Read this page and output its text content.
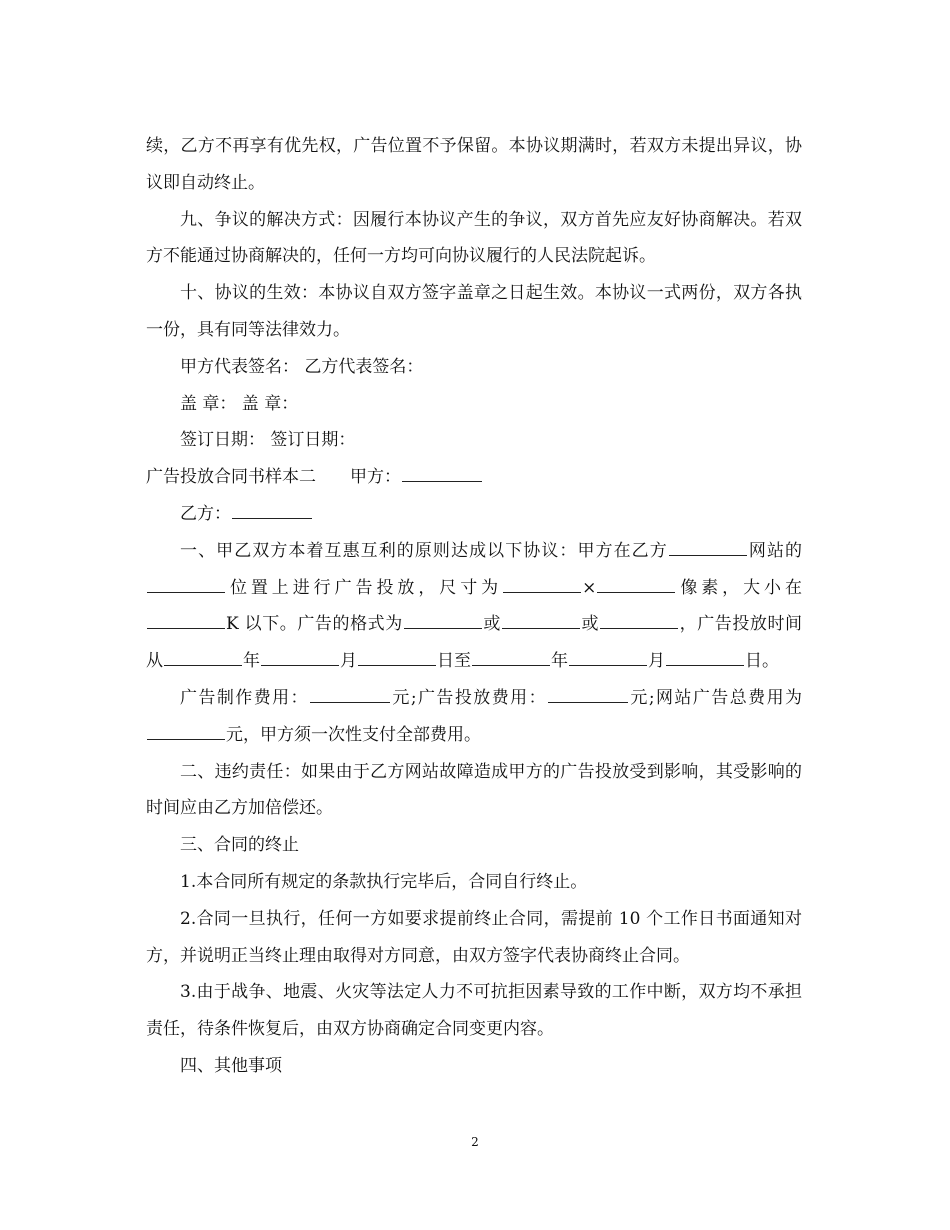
续，乙方不再享有优先权，广告位置不予保留。本协议期满时，若双方未提出异议，协议即自动终止。

九、争议的解决方式：因履行本协议产生的争议，双方首先应友好协商解决。若双方不能通过协商解决的，任何一方均可向协议履行的人民法院起诉。

十、协议的生效：本协议自双方签字盖章之日起生效。本协议一式两份，双方各执一份，具有同等法律效力。

甲方代表签名： 乙方代表签名：

盖 章： 盖 章：

签订日期： 签订日期：

广告投放合同书样本二 甲方：

乙方：

一、甲乙双方本着互惠互利的原则达成以下协议：甲方在乙方	网站的位置上进行广告投放，尺寸为	×	像素，大小在K 以下。广告的格式为	或	或	，广告投放时间从	年	月	日至	年	月	日。

广告制作费用：	元;广告投放费用：	元;网站广告总费用为元，甲方须一次性支付全部费用。

二、违约责任：如果由于乙方网站故障造成甲方的广告投放受到影响，其受影响的时间应由乙方加倍偿还。

三、合同的终止

1.本合同所有规定的条款执行完毕后，合同自行终止。

2.合同一旦执行，任何一方如要求提前终止合同，需提前 10 个工作日书面通知对方，并说明正当终止理由取得对方同意，由双方签字代表协商终止合同。

3.由于战争、地震、火灾等法定人力不可抗拒因素导致的工作中断，双方均不承担责任，待条件恢复后，由双方协商确定合同变更内容。

四、其他事项

2
